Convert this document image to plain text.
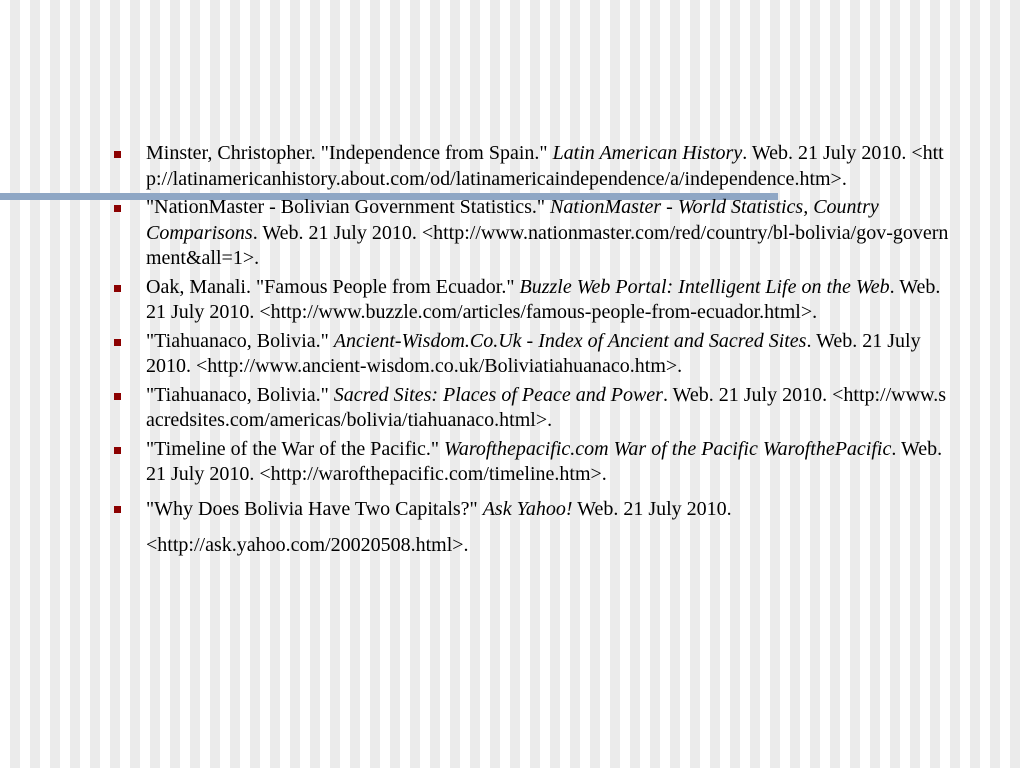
Minster, Christopher. "Independence from Spain." Latin American History. Web. 21 July 2010. <http://latinamericanhistory.about.com/od/latinamericaindependence/a/independence.htm>.
"NationMaster - Bolivian Government Statistics." NationMaster - World Statistics, Country Comparisons. Web. 21 July 2010. <http://www.nationmaster.com/red/country/bl-bolivia/gov-government&all=1>.
Oak, Manali. "Famous People from Ecuador." Buzzle Web Portal: Intelligent Life on the Web. Web. 21 July 2010. <http://www.buzzle.com/articles/famous-people-from-ecuador.html>.
"Tiahuanaco, Bolivia." Ancient-Wisdom.Co.Uk - Index of Ancient and Sacred Sites. Web. 21 July 2010. <http://www.ancient-wisdom.co.uk/Boliviatiahuanaco.htm>.
"Tiahuanaco, Bolivia." Sacred Sites: Places of Peace and Power. Web. 21 July 2010. <http://www.sacredsites.com/americas/bolivia/tiahuanaco.html>.
"Timeline of the War of the Pacific." Warofthepacific.com War of the Pacific WarofthePacific. Web. 21 July 2010. <http://warofthepacific.com/timeline.htm>.
"Why Does Bolivia Have Two Capitals?" Ask Yahoo! Web. 21 July 2010.
<http://ask.yahoo.com/20020508.html>.
